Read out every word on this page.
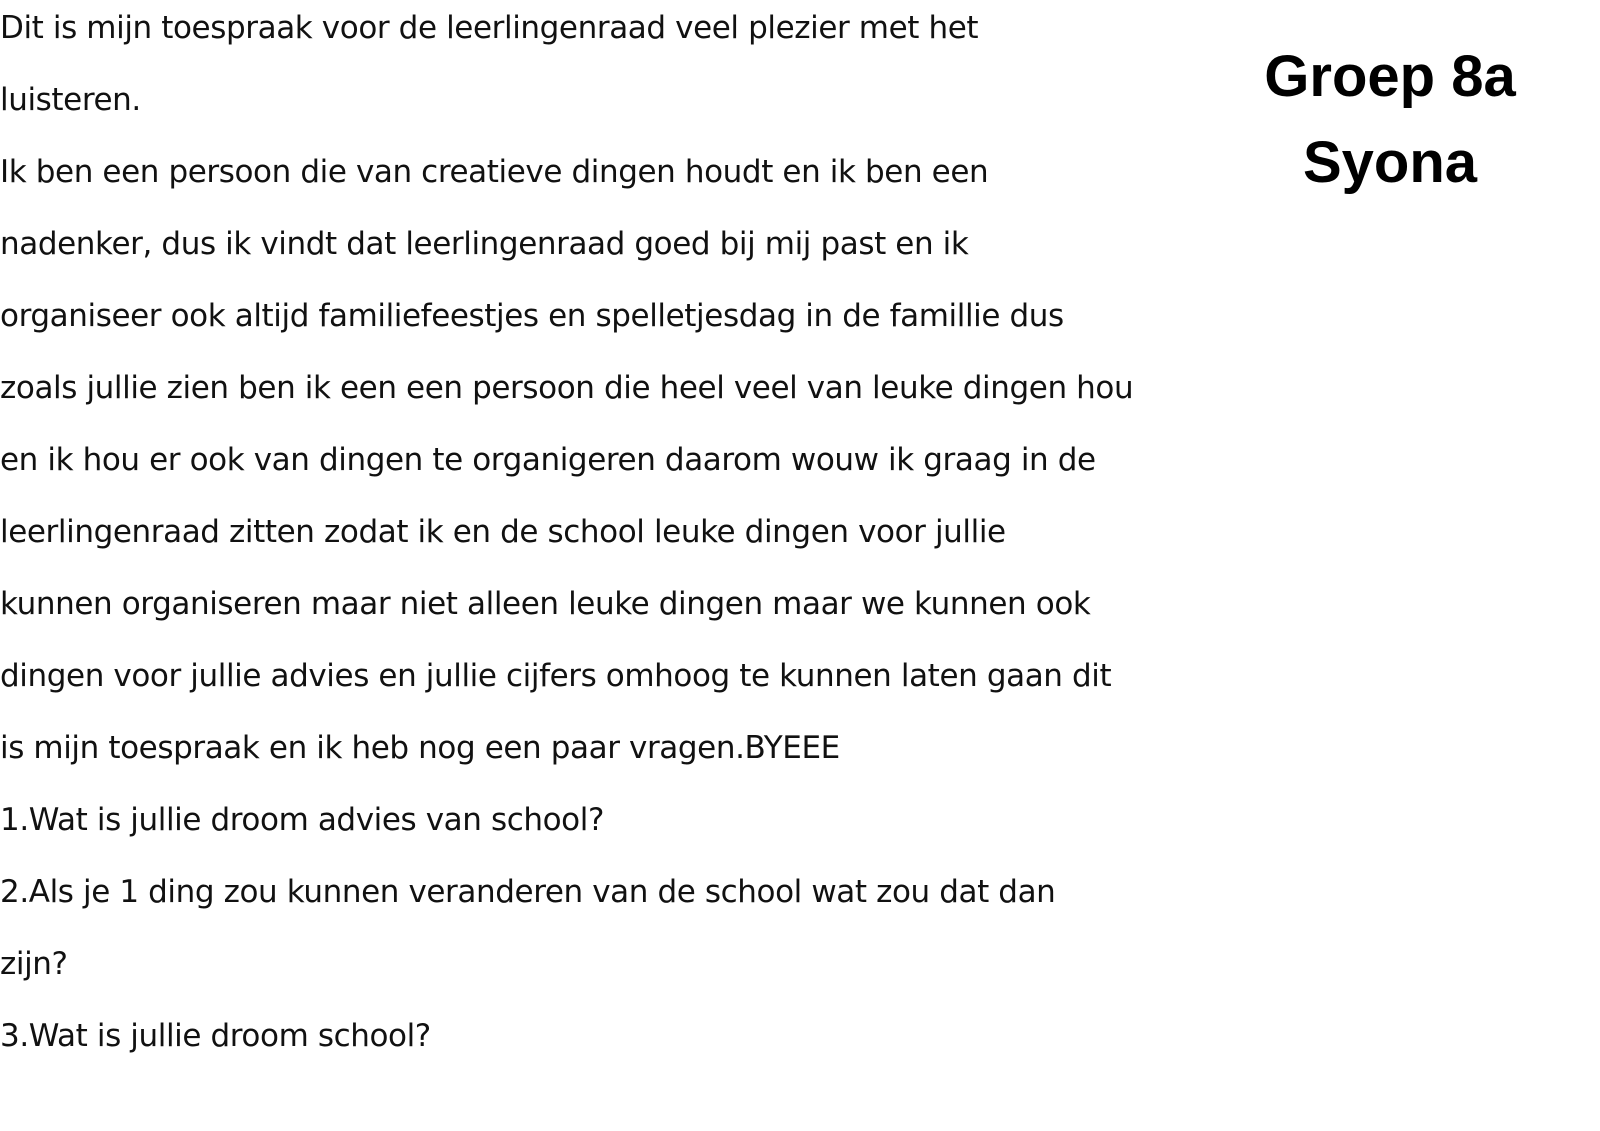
Groep 8a
Syona
Dit is mijn toespraak voor de leerlingenraad veel plezier met het
luisteren.
Ik ben een persoon die van creatieve dingen houdt en ik ben een
nadenker, dus ik vindt dat leerlingenraad goed bij mij past en ik
organiseer ook altijd familiefeestjes en spelletjesdag in de famillie dus
zoals jullie zien ben ik een een persoon die heel veel van leuke dingen hou
en ik hou er ook van dingen te organigeren daarom wouw ik graag in de
leerlingenraad zitten zodat ik en de school leuke dingen voor jullie
kunnen organiseren maar niet alleen leuke dingen maar we kunnen ook
dingen voor jullie advies en jullie cijfers omhoog te kunnen laten gaan dit
is mijn toespraak en ik heb nog een paar vragen.BYEEE
1.Wat is jullie droom advies van school?
2.Als je 1 ding zou kunnen veranderen van de school wat zou dat dan
zijn?
3.Wat is jullie droom school?
